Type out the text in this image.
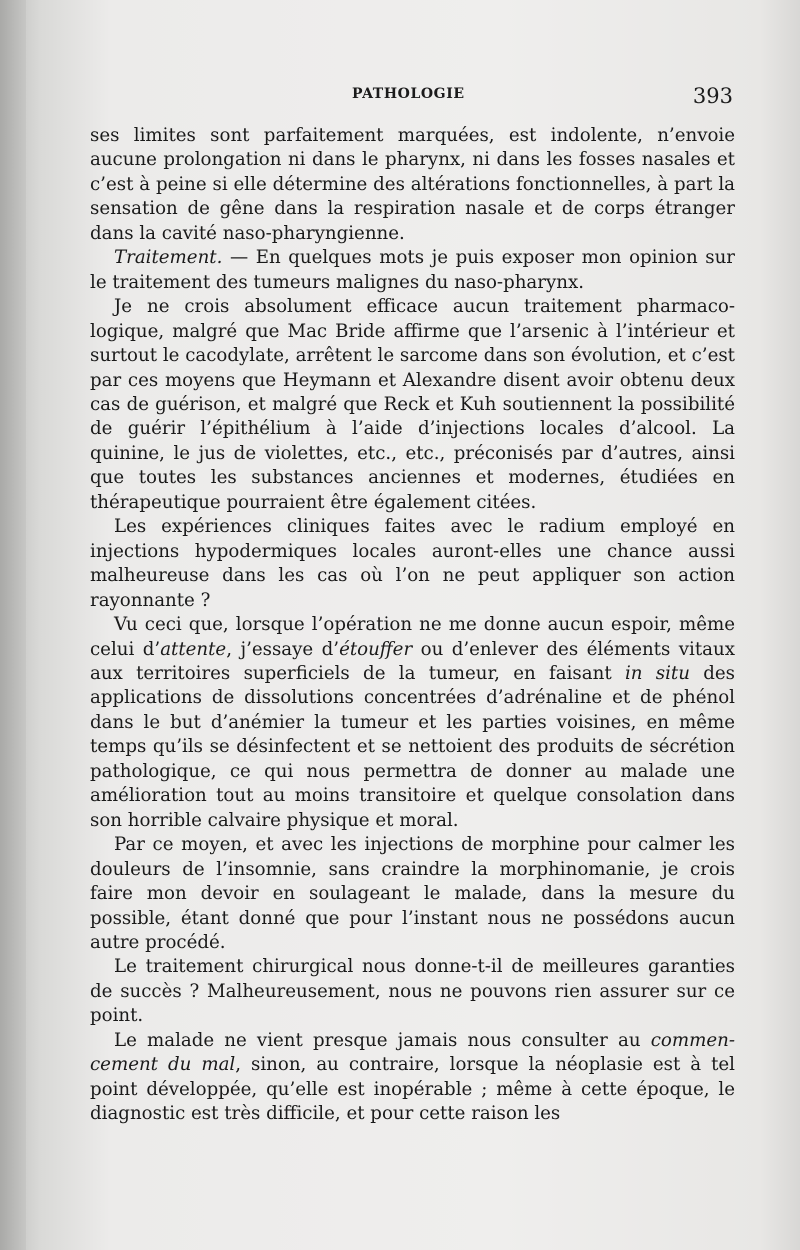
PATHOLOGIE	393

ses limites sont parfaitement marquées, est indolente, n’envoie aucune prolongation ni dans le pharynx, ni dans les fosses nasales et c’est à peine si elle détermine des altérations fonctionnelles, à part la sensation de gêne dans la respiration nasale et de corps étranger dans la cavité naso-pharyngienne.

Traitement. — En quelques mots je puis exposer mon opinion sur le traitement des tumeurs malignes du naso-pharynx.

Je ne crois absolument efficace aucun traitement pharmacologique, malgré que Mac Bride affirme que l’arsenic à l’intérieur et surtout le cacodylate, arrêtent le sarcome dans son évolution, et c’est par ces moyens que Heymann et Alexandre disent avoir obtenu deux cas de guérison, et malgré que Reck et Kuh soutiennent la possibilité de guérir l’épithélium à l’aide d’injections locales d’alcool. La quinine, le jus de violettes, etc., etc., préconisés par d’autres, ainsi que toutes les substances anciennes et modernes, étudiées en thérapeutique pourraient être également citées.

Les expériences cliniques faites avec le radium employé en injections hypodermiques locales auront-elles une chance aussi malheureuse dans les cas où l’on ne peut appliquer son action rayonnante ?

Vu ceci que, lorsque l’opération ne me donne aucun espoir, même celui d’attente, j’essaye d’étouffer ou d’enlever des éléments vitaux aux territoires superficiels de la tumeur, en faisant in situ des applications de dissolutions concentrées d’adrénaline et de phénol dans le but d’anémier la tumeur et les parties voisines, en même temps qu’ils se désinfectent et se nettoient des produits de sécrétion pathologique, ce qui nous permettra de donner au malade une amélioration tout au moins transitoire et quelque consolation dans son horrible calvaire physique et moral.

Par ce moyen, et avec les injections de morphine pour calmer les douleurs de l’insomnie, sans craindre la morphinomanie, je crois faire mon devoir en soulageant le malade, dans la mesure du possible, étant donné que pour l’instant nous ne possédons aucun autre procédé.

Le traitement chirurgical nous donne-t-il de meilleures garanties de succès ? Malheureusement, nous ne pouvons rien assurer sur ce point.

Le malade ne vient presque jamais nous consulter au commencement du mal, sinon, au contraire, lorsque la néoplasie est à tel point développée, qu’elle est inopérable ; même à cette époque, le diagnostic est très difficile, et pour cette raison les
